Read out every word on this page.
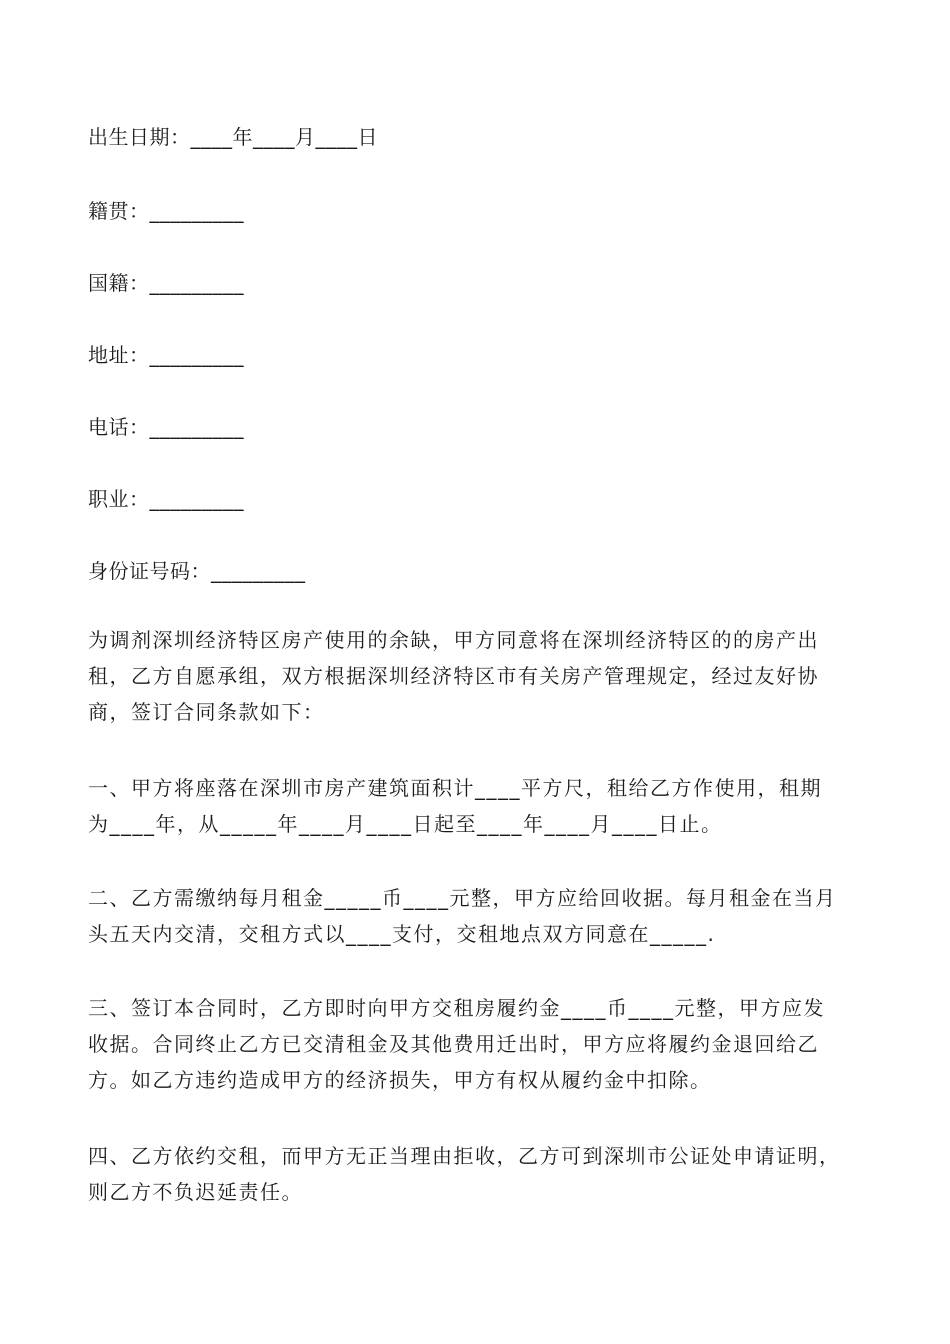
出生日期：____年____月____日
籍贯：_________
国籍：_________
地址：_________
电话：_________
职业：_________
身份证号码：_________
为调剂深圳经济特区房产使用的余缺，甲方同意将在深圳经济特区的的房产出
租，乙方自愿承组，双方根据深圳经济特区市有关房产管理规定，经过友好协
商，签订合同条款如下：
一、甲方将座落在深圳市房产建筑面积计____平方尺，租给乙方作使用，租期
为____年，从_____年____月____日起至____年____月____日止。
二、乙方需缴纳每月租金_____币____元整，甲方应给回收据。每月租金在当月
头五天内交清，交租方式以____支付，交租地点双方同意在_____.
三、签订本合同时，乙方即时向甲方交租房履约金____币____元整，甲方应发
收据。合同终止乙方已交清租金及其他费用迁出时，甲方应将履约金退回给乙
方。如乙方违约造成甲方的经济损失，甲方有权从履约金中扣除。
四、乙方依约交租，而甲方无正当理由拒收，乙方可到深圳市公证处申请证明，
则乙方不负迟延责任。
